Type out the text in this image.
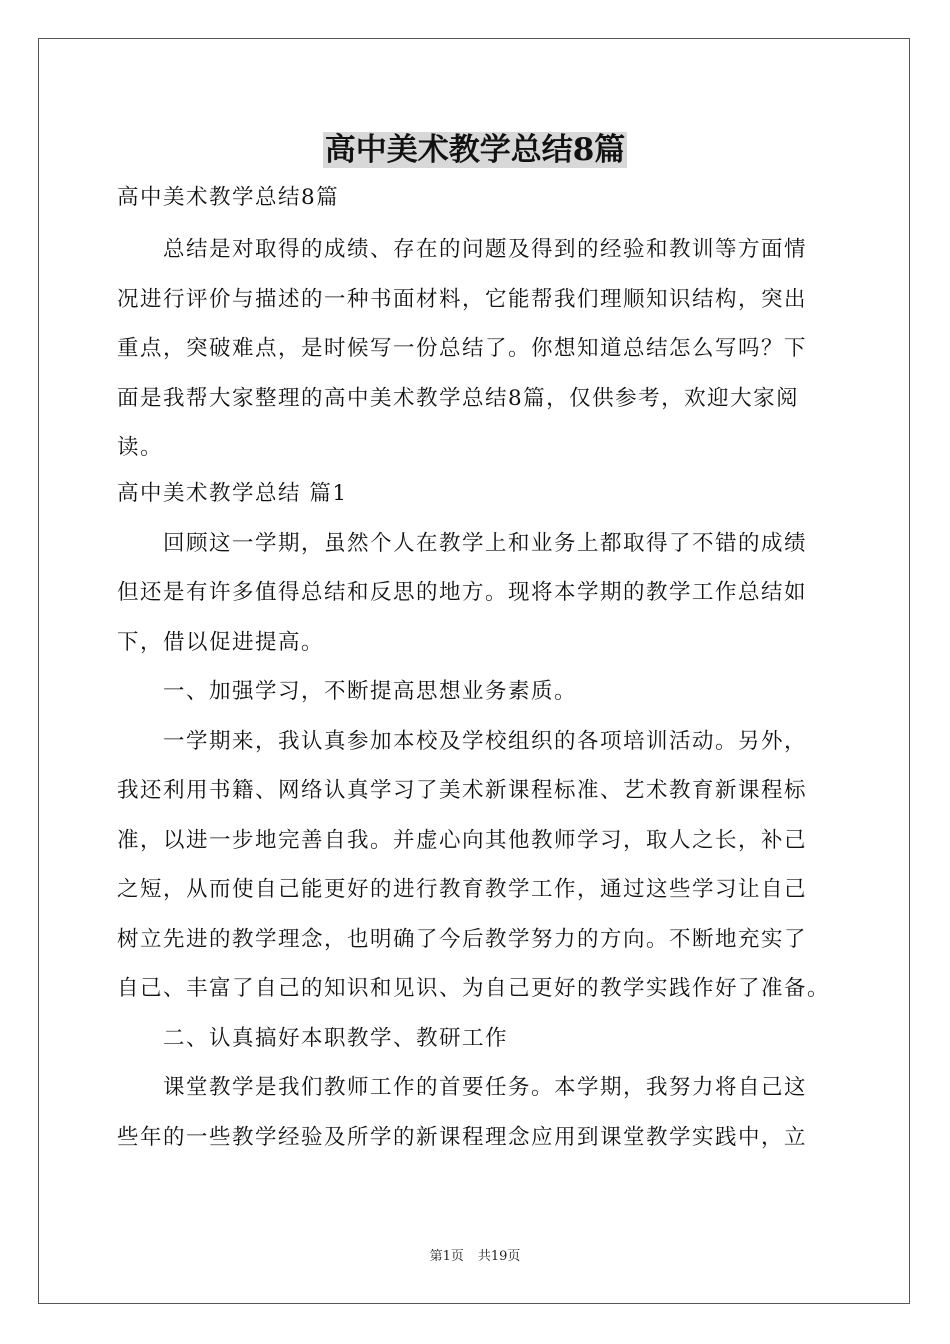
高中美术教学总结8篇
高中美术教学总结8篇
总结是对取得的成绩、存在的问题及得到的经验和教训等方面情
况进行评价与描述的一种书面材料，它能帮我们理顺知识结构，突出
重点，突破难点，是时候写一份总结了。你想知道总结怎么写吗？下
面是我帮大家整理的高中美术教学总结8篇，仅供参考，欢迎大家阅
读。
高中美术教学总结 篇1
回顾这一学期，虽然个人在教学上和业务上都取得了不错的成绩
但还是有许多值得总结和反思的地方。现将本学期的教学工作总结如
下，借以促进提高。
一、加强学习，不断提高思想业务素质。
一学期来，我认真参加本校及学校组织的各项培训活动。另外，
我还利用书籍、网络认真学习了美术新课程标准、艺术教育新课程标
准，以进一步地完善自我。并虚心向其他教师学习，取人之长，补己
之短，从而使自己能更好的进行教育教学工作，通过这些学习让自己
树立先进的教学理念，也明确了今后教学努力的方向。不断地充实了
自己、丰富了自己的知识和见识、为自己更好的教学实践作好了准备。
二、认真搞好本职教学、教研工作
课堂教学是我们教师工作的首要任务。本学期，我努力将自己这
些年的一些教学经验及所学的新课程理念应用到课堂教学实践中，立
第1页 共19页
